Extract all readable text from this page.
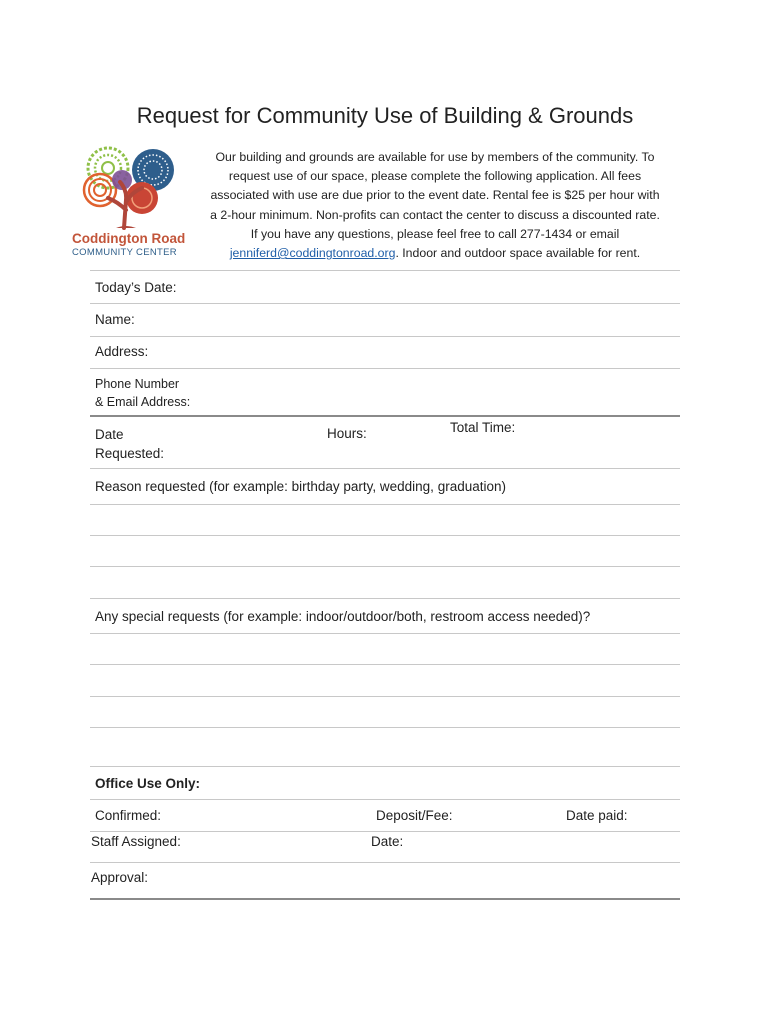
Request for Community Use of Building & Grounds
Coddington Road
COMMUNITY CENTER
Our building and grounds are available for use by members of the community. To
request use of our space, please complete the following application. All fees
associated with use are due prior to the event date. Rental fee is $25 per hour with
a 2-hour minimum. Non-profits can contact the center to discuss a discounted rate.
If you have any questions, please feel free to call 277-1434 or email
jenniferd@coddingtonroad.org. Indoor and outdoor space available for rent.
Today’s Date:
Name:
Address:
Phone Number
& Email Address:
Date
Requested:
Hours:	Total Time:
Reason requested (for example: birthday party, wedding, graduation)
Any special requests (for example: indoor/outdoor/both, restroom access needed)?
Office Use Only:
Confirmed:	Deposit/Fee:	Date paid:
Staff Assigned:	Date:
Approval:
